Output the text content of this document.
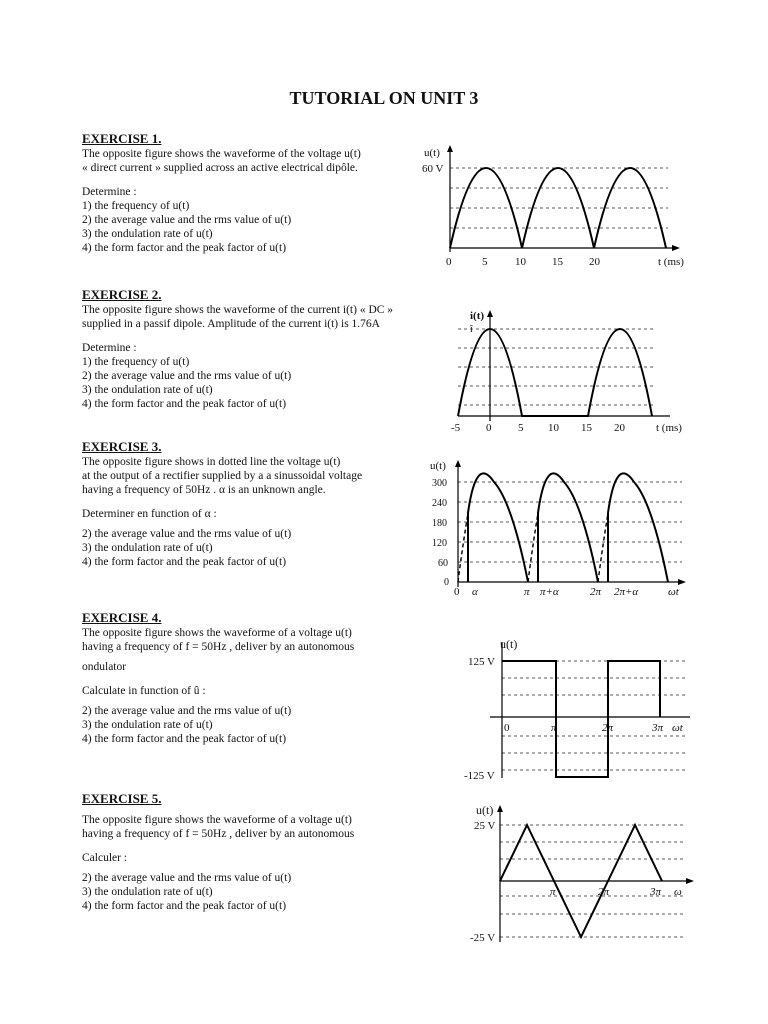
TUTORIAL ON UNIT 3
EXERCISE 1.

The opposite figure shows the waveforme of the voltage u(t)

« direct current » supplied across an active electrical dipôle.

Determine :

1) the frequency of u(t)
2) the average value and the rms value of u(t)
3) the ondulation rate of u(t)
4) the form factor and the peak factor of u(t)
u(t)
60 V
0	5	10 15 20	t (ms)
EXERCISE 2.

The opposite figure shows the waveforme of the current i(t) « DC »

supplied in a passif dipole. Amplitude of the current i(t) is 1.76A

Determine :

1) the frequency of u(t)
2) the average value and the rms value of u(t)
3) the ondulation rate of u(t)
4) the form factor and the peak factor of u(t)
i(t)
î
-5 0 5 10 15 20	t (ms)
EXERCISE 3.

The opposite figure shows in dotted line the voltage u(t)

at the output of a rectifier supplied by a a sinussoidal voltage

having a frequency of 50Hz . α is an unknown angle.

Determiner en function of α :

2) the average value and the rms value of u(t)
3) the ondulation rate of u(t)
4) the form factor and the peak factor of u(t)
u(t)
300
240
180
120
60
0
0 α	π π+α	2π 2π+α	ωt
EXERCISE 4.

The opposite figure shows the waveforme of a voltage u(t)

having a frequency of f = 50Hz , deliver by an autonomous

ondulator

Calculate in function of û :

2) the average value and the rms value of u(t)
3) the ondulation rate of u(t)
4) the form factor and the peak factor of u(t)
u(t)
125 V
-125 V
0	π	2π	3π ωt
EXERCISE 5.

The opposite figure shows the waveforme of a voltage u(t)

having a frequency of f = 50Hz , deliver by an autonomous

Calculer :

2) the average value and the rms value of u(t)
3) the ondulation rate of u(t)
4) the form factor and the peak factor of u(t)
u(t)
25 V
-25 V
π	2π	3π ω
